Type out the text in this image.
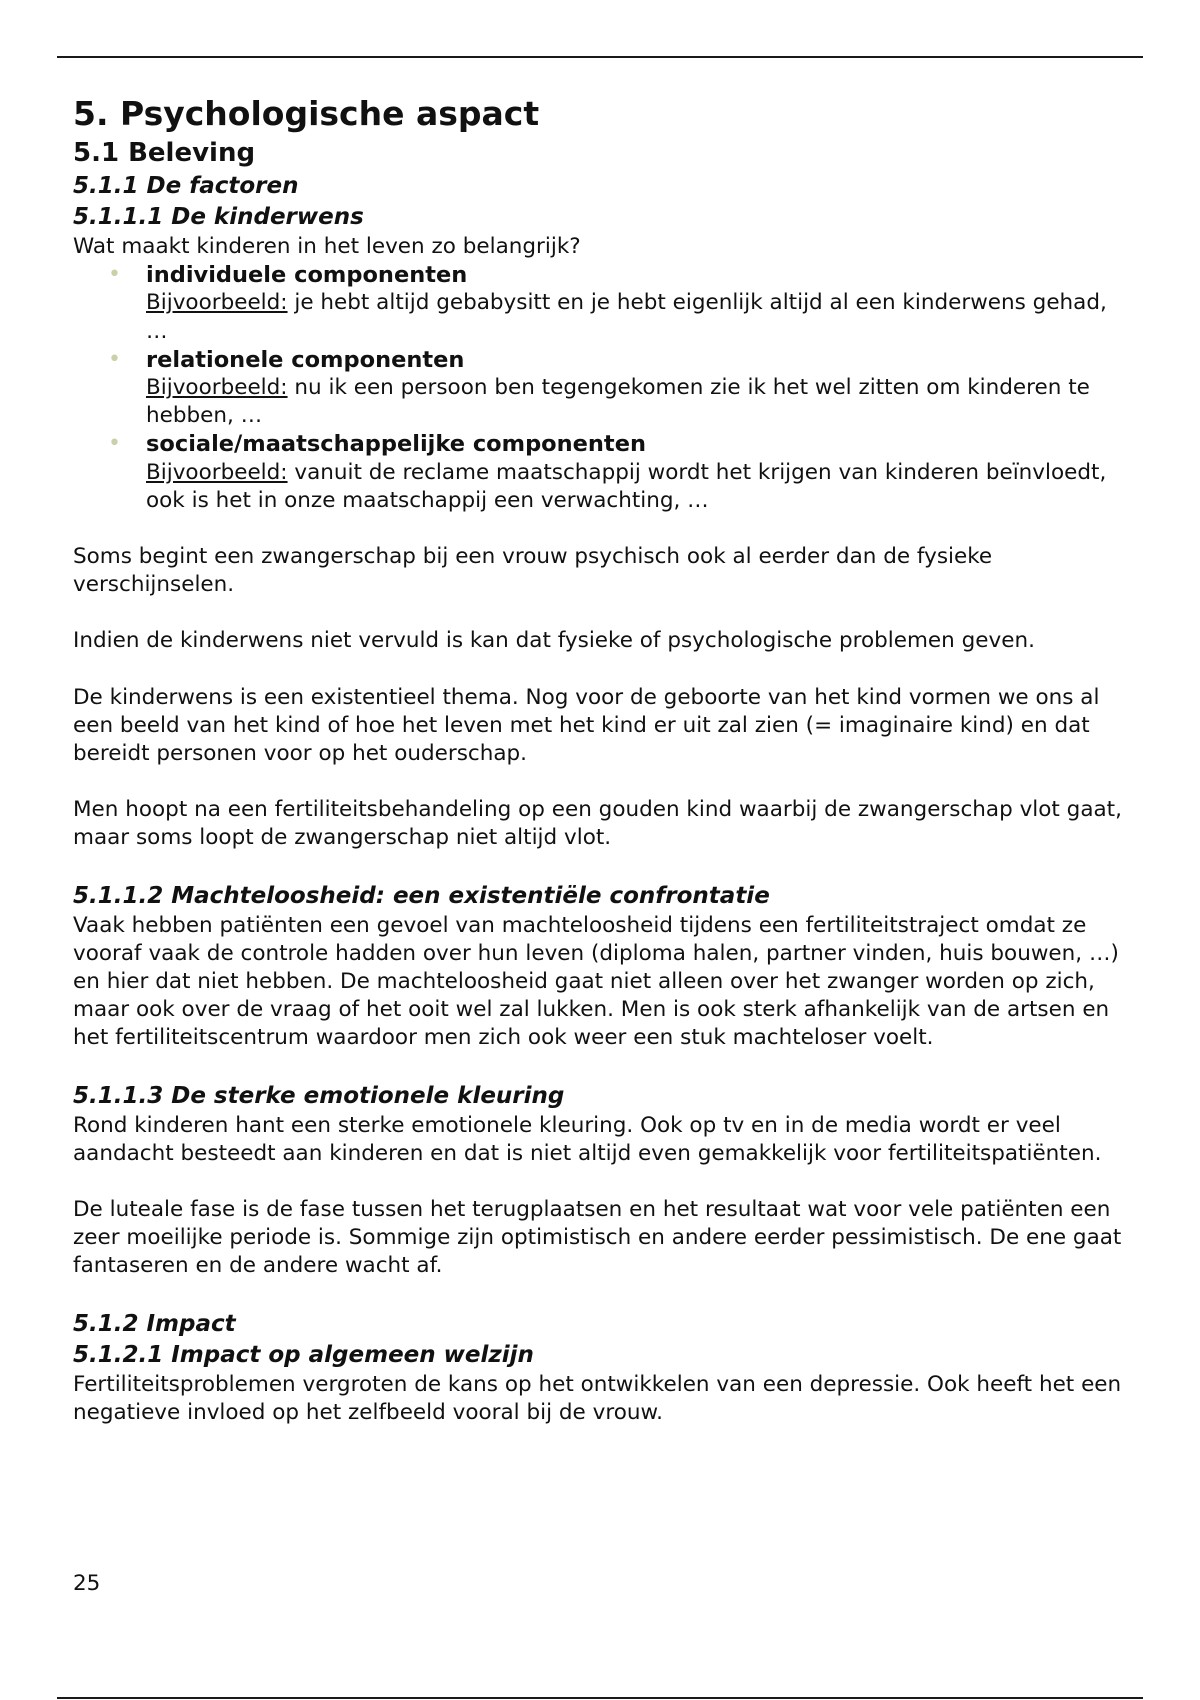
5. Psychologische aspact
5.1 Beleving
5.1.1 De factoren
5.1.1.1 De kinderwens

Wat maakt kinderen in het leven zo belangrijk?

• individuele componenten
Bijvoorbeeld: je hebt altijd gebabysitt en je hebt eigenlijk altijd al een kinderwens gehad, …
• relationele componenten
Bijvoorbeeld: nu ik een persoon ben tegengekomen zie ik het wel zitten om kinderen te hebben, …
• sociale/maatschappelijke componenten
Bijvoorbeeld: vanuit de reclame maatschappij wordt het krijgen van kinderen beïnvloedt, ook is het in onze maatschappij een verwachting, …

Soms begint een zwangerschap bij een vrouw psychisch ook al eerder dan de fysieke verschijnselen.

Indien de kinderwens niet vervuld is kan dat fysieke of psychologische problemen geven.

De kinderwens is een existentieel thema. Nog voor de geboorte van het kind vormen we ons al een beeld van het kind of hoe het leven met het kind er uit zal zien (= imaginaire kind) en dat bereidt personen voor op het ouderschap.

Men hoopt na een fertiliteitsbehandeling op een gouden kind waarbij de zwangerschap vlot gaat, maar soms loopt de zwangerschap niet altijd vlot.

5.1.1.2 Machteloosheid: een existentiële confrontatie

Vaak hebben patiënten een gevoel van machteloosheid tijdens een fertiliteitstraject omdat ze vooraf vaak de controle hadden over hun leven (diploma halen, partner vinden, huis bouwen, …) en hier dat niet hebben. De machteloosheid gaat niet alleen over het zwanger worden op zich, maar ook over de vraag of het ooit wel zal lukken. Men is ook sterk afhankelijk van de artsen en het fertiliteitscentrum waardoor men zich ook weer een stuk machteloser voelt.

5.1.1.3 De sterke emotionele kleuring

Rond kinderen hant een sterke emotionele kleuring. Ook op tv en in de media wordt er veel aandacht besteedt aan kinderen en dat is niet altijd even gemakkelijk voor fertiliteitspatiënten.

De luteale fase is de fase tussen het terugplaatsen en het resultaat wat voor vele patiënten een zeer moeilijke periode is. Sommige zijn optimistisch en andere eerder pessimistisch. De ene gaat fantaseren en de andere wacht af.

5.1.2 Impact
5.1.2.1 Impact op algemeen welzijn

Fertiliteitsproblemen vergroten de kans op het ontwikkelen van een depressie. Ook heeft het een negatieve invloed op het zelfbeeld vooral bij de vrouw.

25
